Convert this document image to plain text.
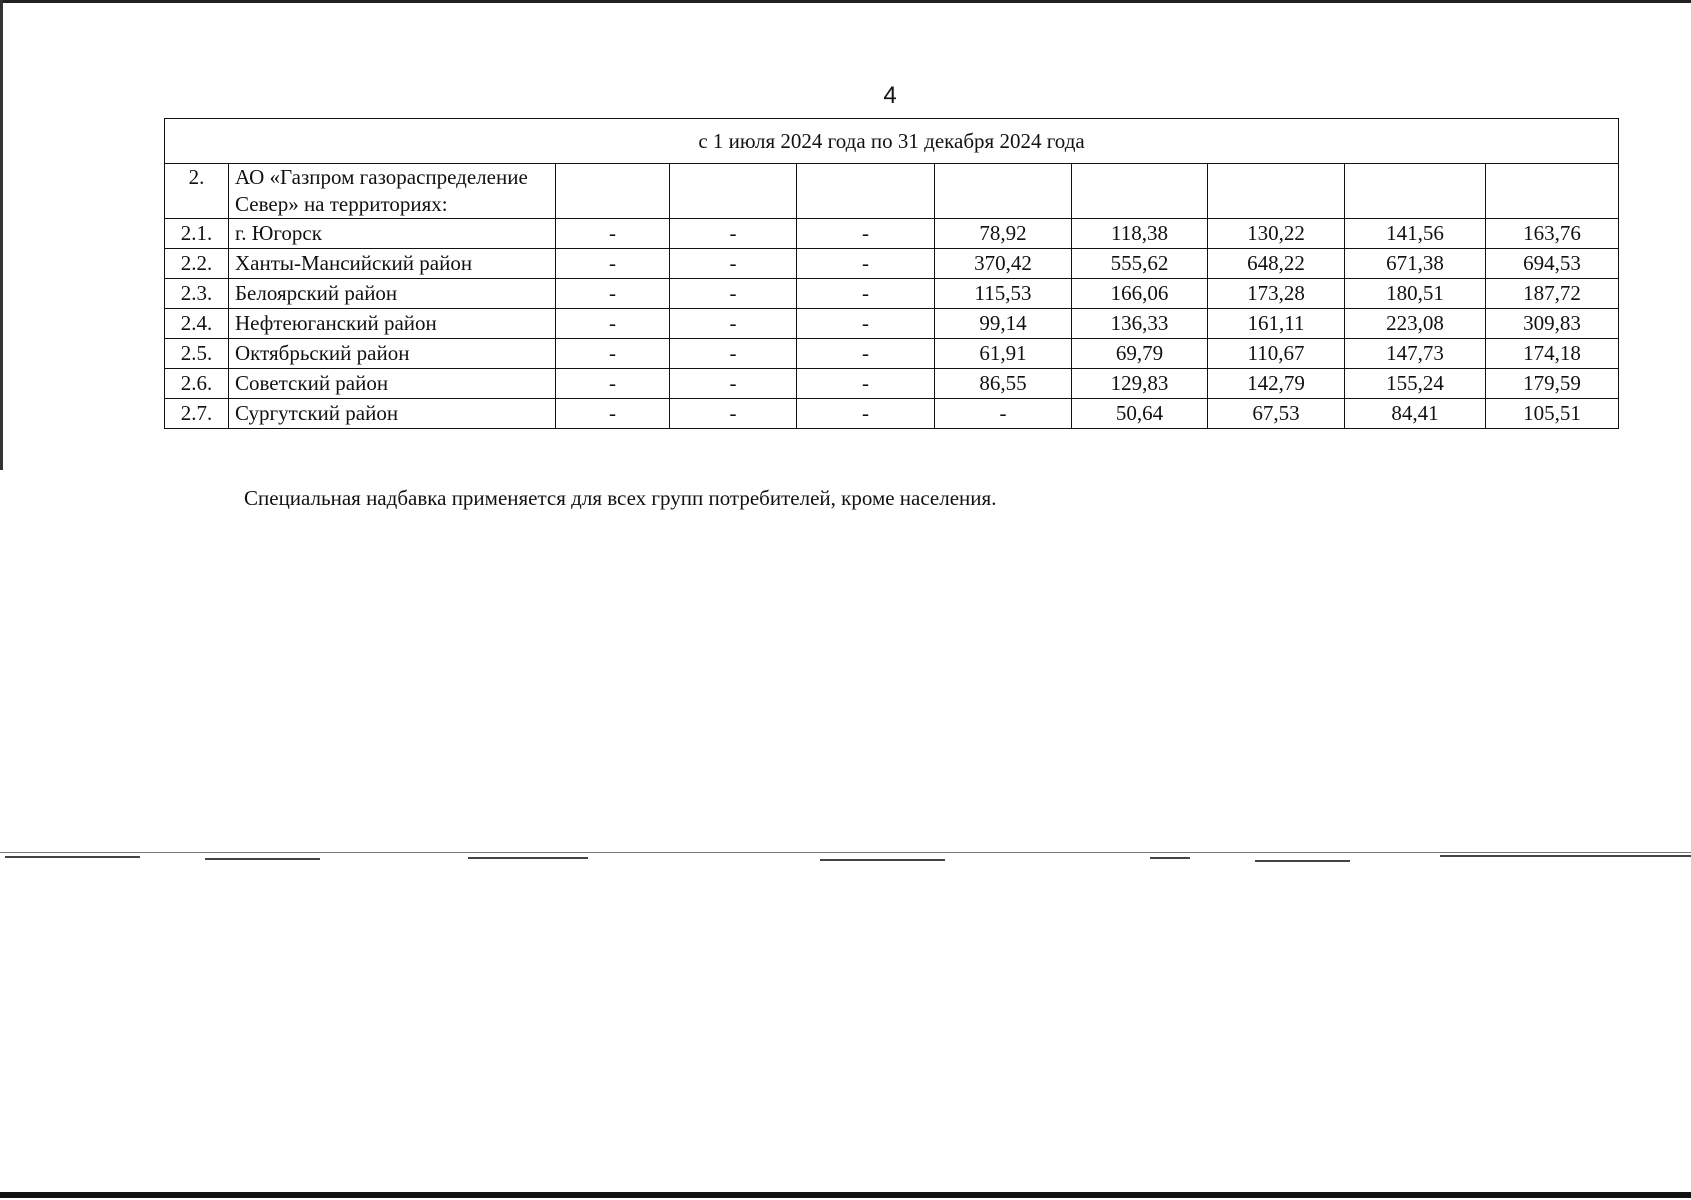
4
с 1 июля 2024 года по 31 декабря 2024 года									
2.	АО «Газпром газораспределение Север» на территориях:								
2.1.	г. Югорск	-	-	-	78,92	118,38	130,22	141,56	163,76
2.2.	Ханты-Мансийский район	-	-	-	370,42	555,62	648,22	671,38	694,53
2.3.	Белоярский район	-	-	-	115,53	166,06	173,28	180,51	187,72
2.4.	Нефтеюганский район	-	-	-	99,14	136,33	161,11	223,08	309,83
2.5.	Октябрьский район	-	-	-	61,91	69,79	110,67	147,73	174,18
2.6.	Советский район	-	-	-	86,55	129,83	142,79	155,24	179,59
2.7.	Сургутский район	-	-	-	-	50,64	67,53	84,41	105,51
Специальная надбавка применяется для всех групп потребителей, кроме населения.
